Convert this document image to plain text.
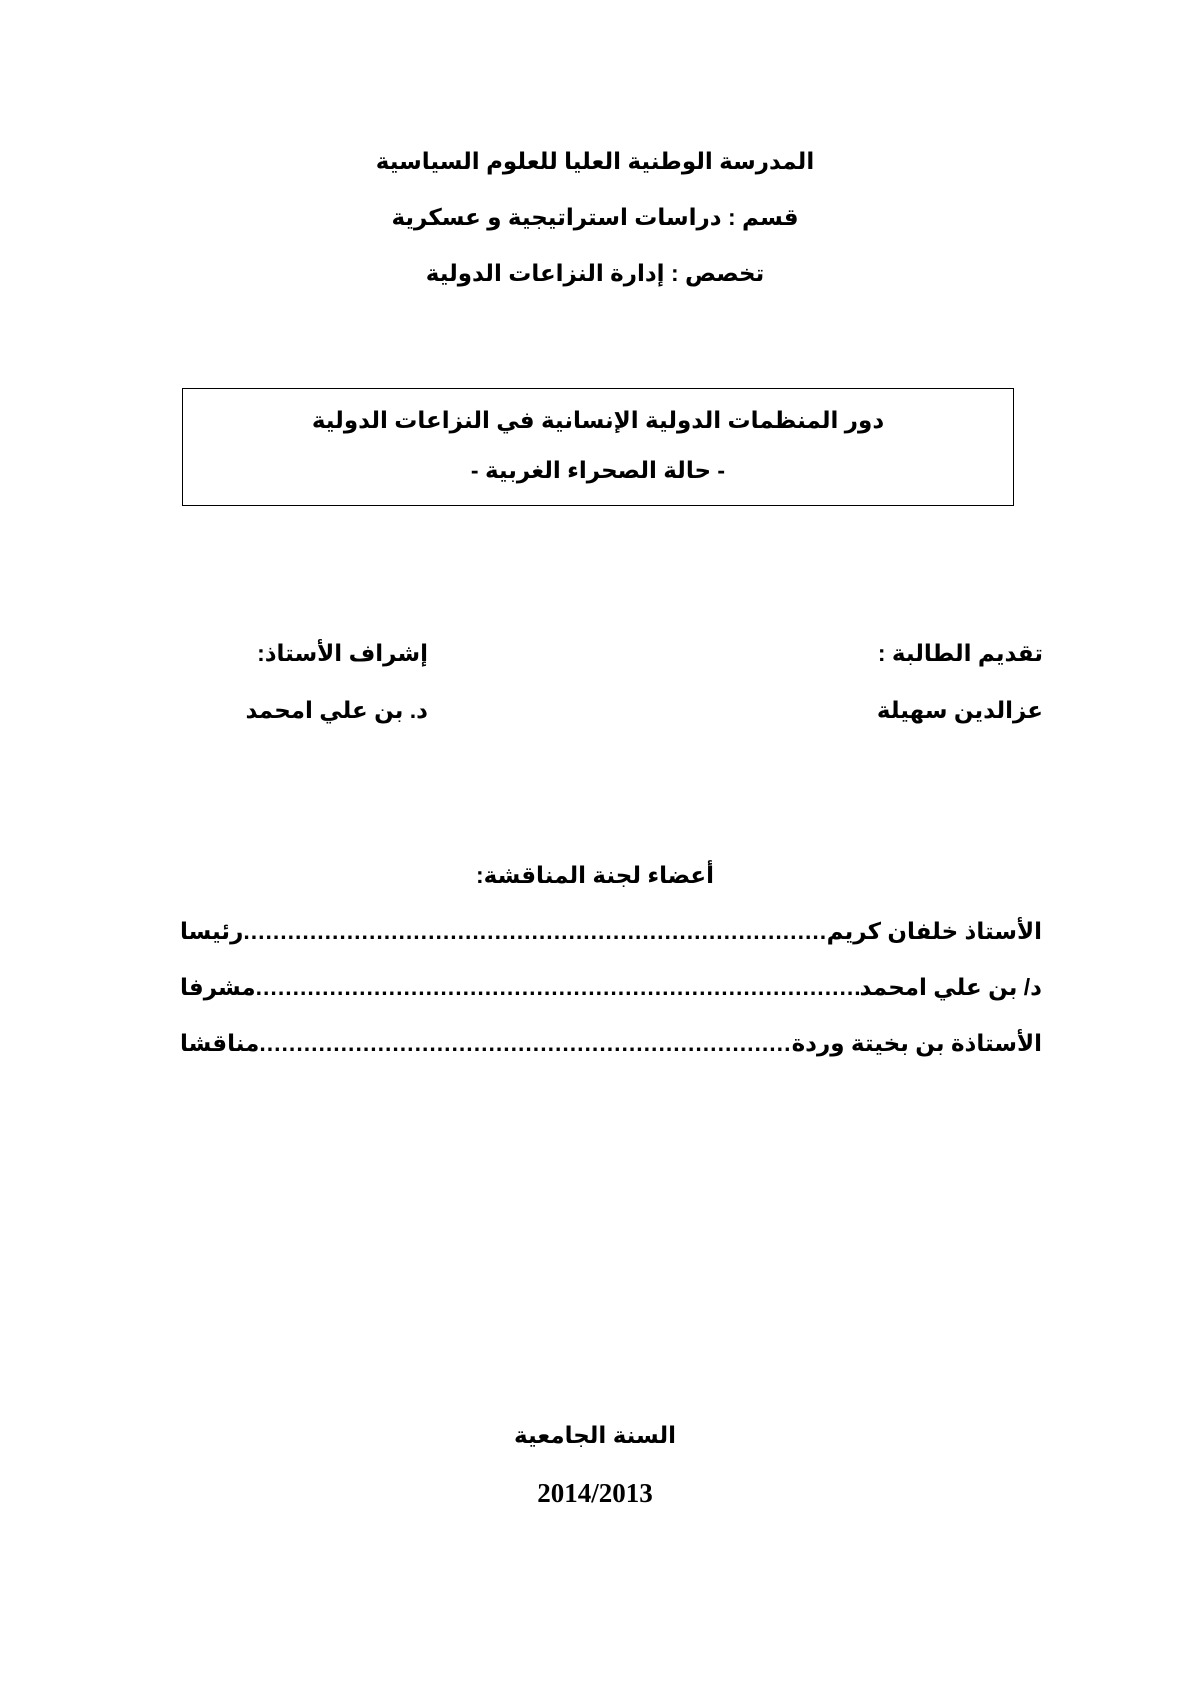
المدرسة الوطنية العليا للعلوم السياسية
قسم : دراسات استراتيجية و عسكرية
تخصص : إدارة النزاعات الدولية
دور المنظمات الدولية الإنسانية في النزاعات الدولية
- حالة الصحراء الغربية -
تقديم الطالبة :
عزالدين سهيلة
إشراف الأستاذ:
د. بن علي امحمد
أعضاء لجنة المناقشة:
الأستاذ خلفان كريم
.....
رئيسا
د/ بن علي امحمد
.....
مشرفا
الأستاذة بن بخيتة وردة
.....
مناقشا
السنة الجامعية
2014/2013
